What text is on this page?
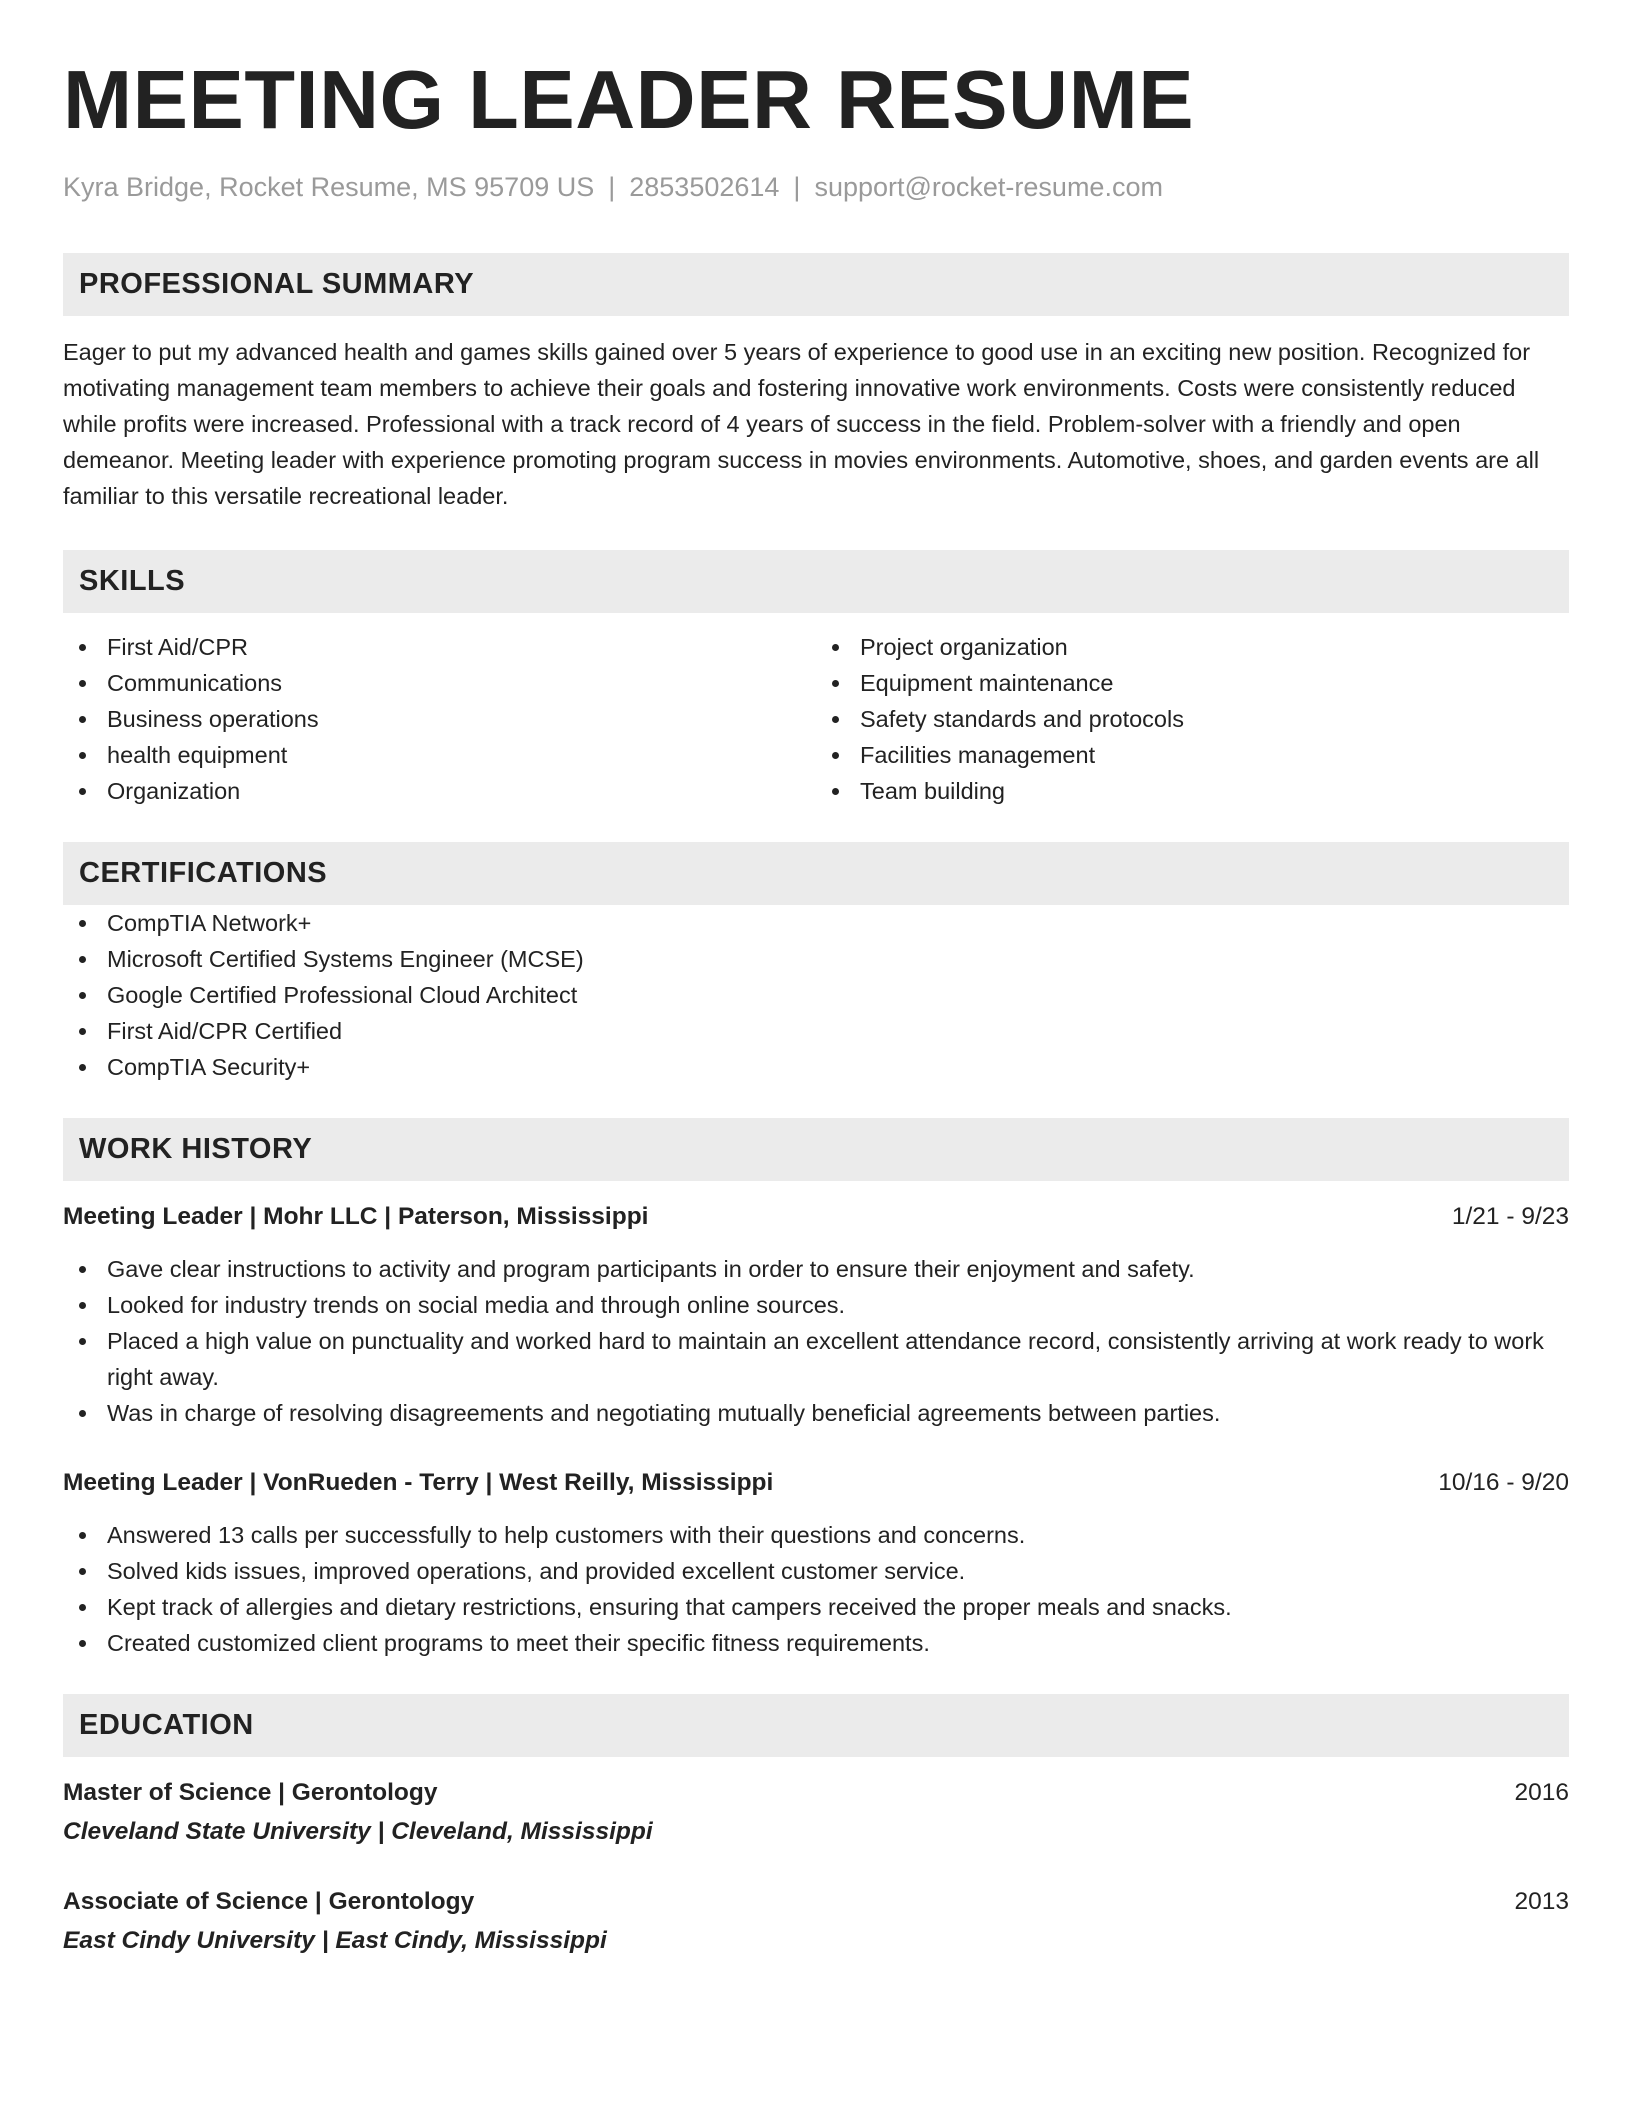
MEETING LEADER RESUME
Kyra Bridge, Rocket Resume, MS 95709 US | 2853502614 | support@rocket-resume.com
PROFESSIONAL SUMMARY

Eager to put my advanced health and games skills gained over 5 years of experience to good use in an exciting new position. Recognized for motivating management team members to achieve their goals and fostering innovative work environments. Costs were consistently reduced while profits were increased. Professional with a track record of 4 years of success in the field. Problem-solver with a friendly and open demeanor. Meeting leader with experience promoting program success in movies environments. Automotive, shoes, and garden events are all familiar to this versatile recreational leader.

SKILLS
First Aid/CPR
Communications
Business operations
health equipment
Organization
Project organization
Equipment maintenance
Safety standards and protocols
Facilities management
Team building
CERTIFICATIONS
CompTIA Network+
Microsoft Certified Systems Engineer (MCSE)
Google Certified Professional Cloud Architect
First Aid/CPR Certified
CompTIA Security+
WORK HISTORY
Meeting Leader | Mohr LLC | Paterson, Mississippi	1/21 - 9/23
Gave clear instructions to activity and program participants in order to ensure their enjoyment and safety.
Looked for industry trends on social media and through online sources.
Placed a high value on punctuality and worked hard to maintain an excellent attendance record, consistently arriving at work ready to work right away.
Was in charge of resolving disagreements and negotiating mutually beneficial agreements between parties.
Meeting Leader | VonRueden - Terry | West Reilly, Mississippi	10/16 - 9/20
Answered 13 calls per successfully to help customers with their questions and concerns.
Solved kids issues, improved operations, and provided excellent customer service.
Kept track of allergies and dietary restrictions, ensuring that campers received the proper meals and snacks.
Created customized client programs to meet their specific fitness requirements.
EDUCATION
Master of Science | Gerontology	2016
Cleveland State University | Cleveland, Mississippi
Associate of Science | Gerontology	2013
East Cindy University | East Cindy, Mississippi
